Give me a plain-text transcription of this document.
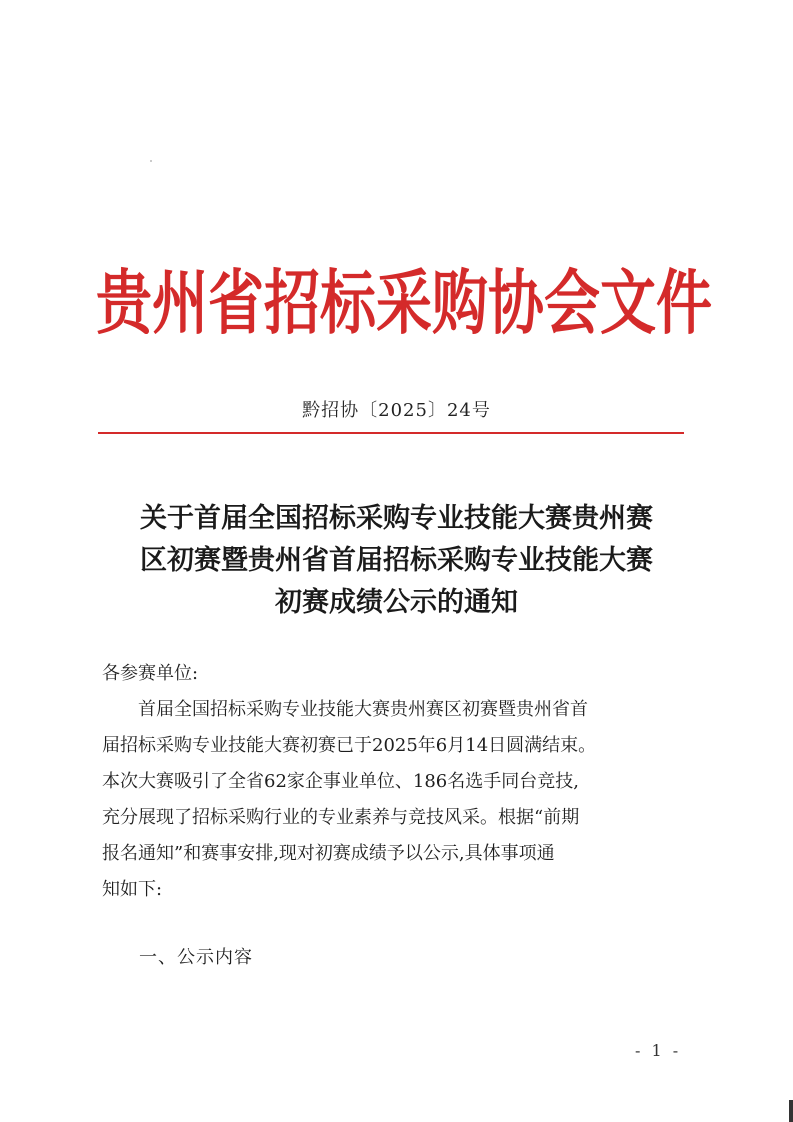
贵州省招标采购协会文件
黔招协〔2025〕24号
关于首届全国招标采购专业技能大赛贵州赛
区初赛暨贵州省首届招标采购专业技能大赛
初赛成绩公示的通知

各参赛单位:

首届全国招标采购专业技能大赛贵州赛区初赛暨贵州省首
届招标采购专业技能大赛初赛已于2025年6月14日圆满结束。
本次大赛吸引了全省62家企事业单位、186名选手同台竞技,
充分展现了招标采购行业的专业素养与竞技风采。根据“前期
报名通知”和赛事安排,现对初赛成绩予以公示,具体事项通
知如下:

一、公示内容
- 1 -
